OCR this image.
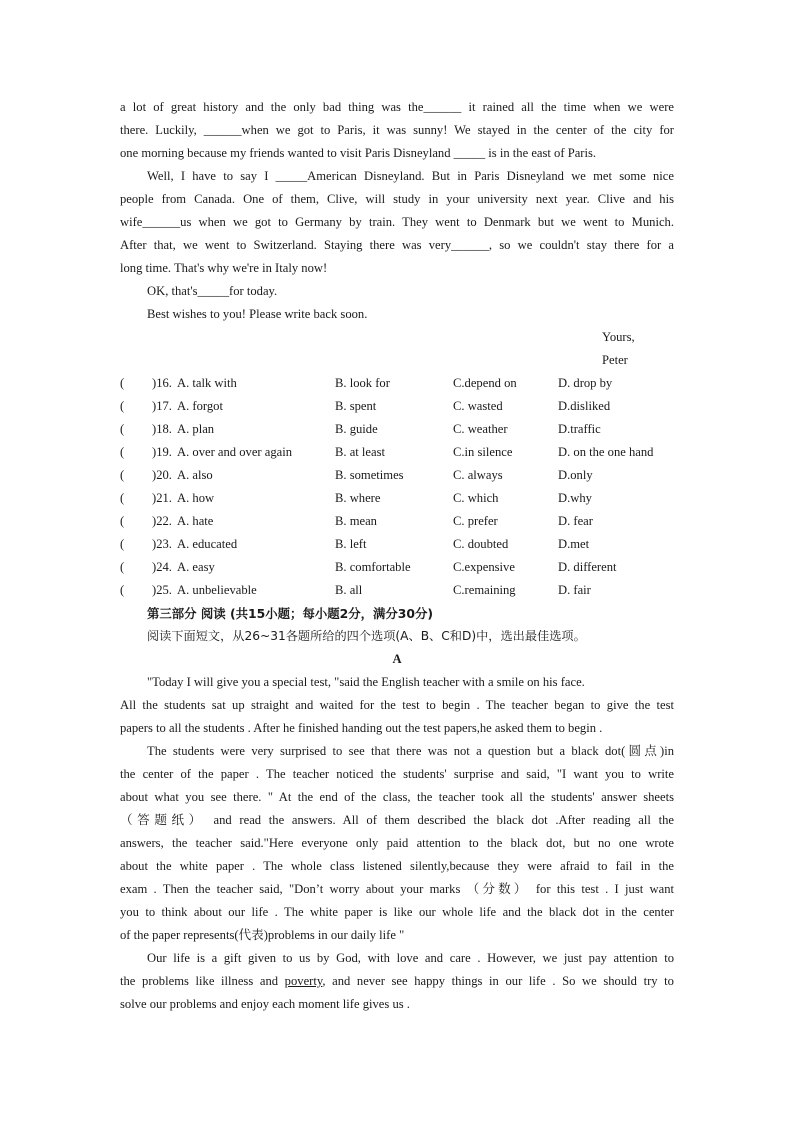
a lot of great history and the only bad thing was the______ it rained all the time when we were
there. Luckily, ______when we got to Paris, it was sunny! We stayed in the center of the city for
one morning because my friends wanted to visit Paris Disneyland _____ is in the east of Paris.
Well, I have to say I _____American Disneyland. But in Paris Disneyland we met some nice
people from Canada. One of them, Clive, will study in your university next year. Clive and his
wife______us when we got to Germany by train. They went to Denmark but we went to Munich.
After that, we went to Switzerland. Staying there was very______, so we couldn't stay there for a
long time. That's why we're in Italy now!
OK, that's_____for today.
Best wishes to you! Please write back soon.
Yours,
Peter
( )16. A. talk with	B. look for	C.depend on	D. drop by
( )17. A. forgot	B. spent	C. wasted	D.disliked
( )18. A. plan	B. guide	C. weather	D.traffic
( )19. A. over and over again	B. at least	C.in silence	D. on the one hand
( )20. A. also	B. sometimes	C. always	D.only
( )21. A. how	B. where	C. which	D.why
( )22. A. hate	B. mean	C. prefer	D. fear
( )23. A. educated	B. left	C. doubted	D.met
( )24. A. easy	B. comfortable	C.expensive	D. different
( )25. A. unbelievable	B. all	C.remaining	D. fair
第三部分 阅读 (共15小题；每小题2分，满分30分)
阅读下面短文，从26~31各题所给的四个选项(A、B、C和D)中，选出最佳选项。
A
"Today I will give you a special test, "said the English teacher with a smile on his face.
All the students sat up straight and waited for the test to begin . The teacher began to give the test
papers to all the students . After he finished handing out the test papers,he asked them to begin .
The students were very surprised to see that there was not a question but a black dot(圆点)in
the center of the paper . The teacher noticed the students' surprise and said, "I want you to write
about what you see there. " At the end of the class, the teacher took all the students' answer sheets
（答题纸） and read the answers. All of them described the black dot .After reading all the
answers, the teacher said."Here everyone only paid attention to the black dot, but no one wrote
about the white paper . The whole class listened silently,because they were afraid to fail in the
exam . Then the teacher said, "Don’t worry about your marks （分数） for this test . I just want
you to think about our life . The white paper is like our whole life and the black dot in the center
of the paper represents(代表)problems in our daily life "
Our life is a gift given to us by God, with love and care . However, we just pay attention to
the problems like illness and poverty, and never see happy things in our life . So we should try to
solve our problems and enjoy each moment life gives us .
